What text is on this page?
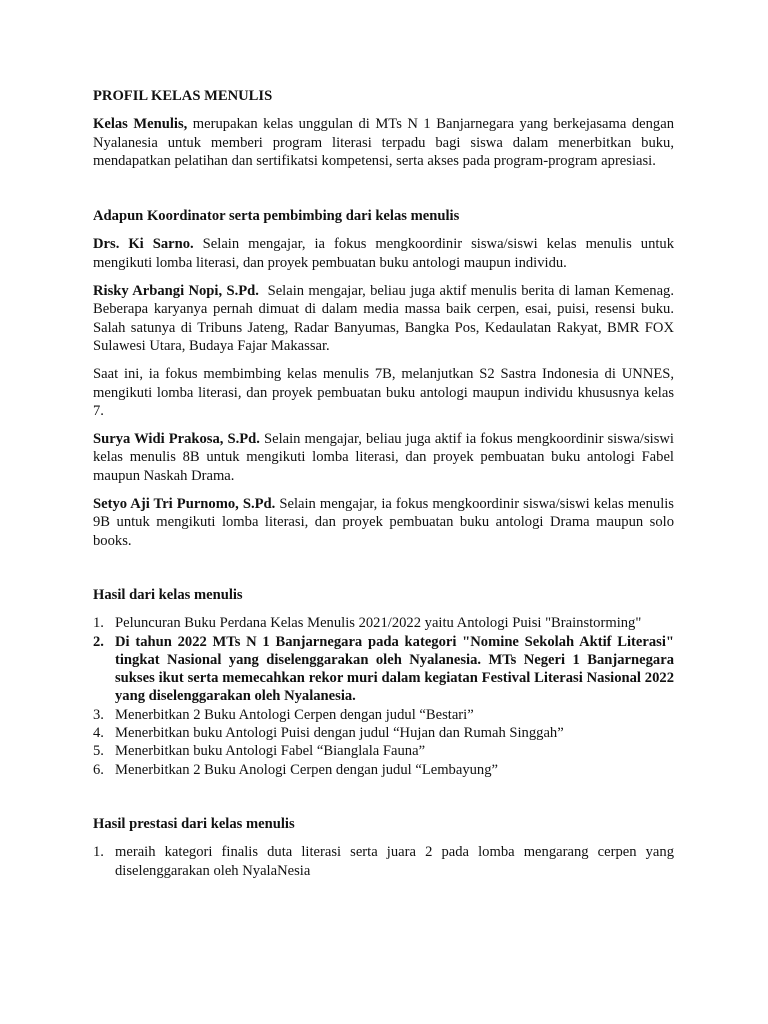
PROFIL KELAS MENULIS

Kelas Menulis, merupakan kelas unggulan di MTs N 1 Banjarnegara yang berkejasama dengan Nyalanesia untuk memberi program literasi terpadu bagi siswa dalam menerbitkan buku, mendapatkan pelatihan dan sertifikatsi kompetensi, serta akses pada program-program apresiasi.

Adapun Koordinator serta pembimbing dari kelas menulis

Drs. Ki Sarno. Selain mengajar, ia fokus mengkoordinir siswa/siswi kelas menulis untuk mengikuti lomba literasi, dan proyek pembuatan buku antologi maupun individu.

Risky Arbangi Nopi, S.Pd.  Selain mengajar, beliau juga aktif menulis berita di laman Kemenag. Beberapa karyanya pernah dimuat di dalam media massa baik cerpen, esai, puisi, resensi buku. Salah satunya di Tribuns Jateng, Radar Banyumas, Bangka Pos, Kedaulatan Rakyat, BMR FOX Sulawesi Utara, Budaya Fajar Makassar.

Saat ini, ia fokus membimbing kelas menulis 7B, melanjutkan S2 Sastra Indonesia di UNNES, mengikuti lomba literasi, dan proyek pembuatan buku antologi maupun individu khususnya kelas 7.

Surya Widi Prakosa, S.Pd. Selain mengajar, beliau juga aktif ia fokus mengkoordinir siswa/siswi kelas menulis 8B untuk mengikuti lomba literasi, dan proyek pembuatan buku antologi Fabel maupun Naskah Drama.

Setyo Aji Tri Purnomo, S.Pd. Selain mengajar, ia fokus mengkoordinir siswa/siswi kelas menulis 9B untuk mengikuti lomba literasi, dan proyek pembuatan buku antologi Drama maupun solo books.

Hasil dari kelas menulis
1. Peluncuran Buku Perdana Kelas Menulis 2021/2022 yaitu Antologi Puisi "Brainstorming"
2. Di tahun 2022 MTs N 1 Banjarnegara pada kategori "Nomine Sekolah Aktif Literasi" tingkat Nasional yang diselenggarakan oleh Nyalanesia. MTs Negeri 1 Banjarnegara sukses ikut serta memecahkan rekor muri dalam kegiatan Festival Literasi Nasional 2022 yang diselenggarakan oleh Nyalanesia.
3. Menerbitkan 2 Buku Antologi Cerpen dengan judul “Bestari”
4. Menerbitkan buku Antologi Puisi dengan judul “Hujan dan Rumah Singgah”
5. Menerbitkan buku Antologi Fabel “Bianglala Fauna”
6. Menerbitkan 2 Buku Anologi Cerpen dengan judul “Lembayung”
Hasil prestasi dari kelas menulis
1. meraih kategori finalis duta literasi serta juara 2 pada lomba mengarang cerpen yang diselenggarakan oleh NyalaNesia
